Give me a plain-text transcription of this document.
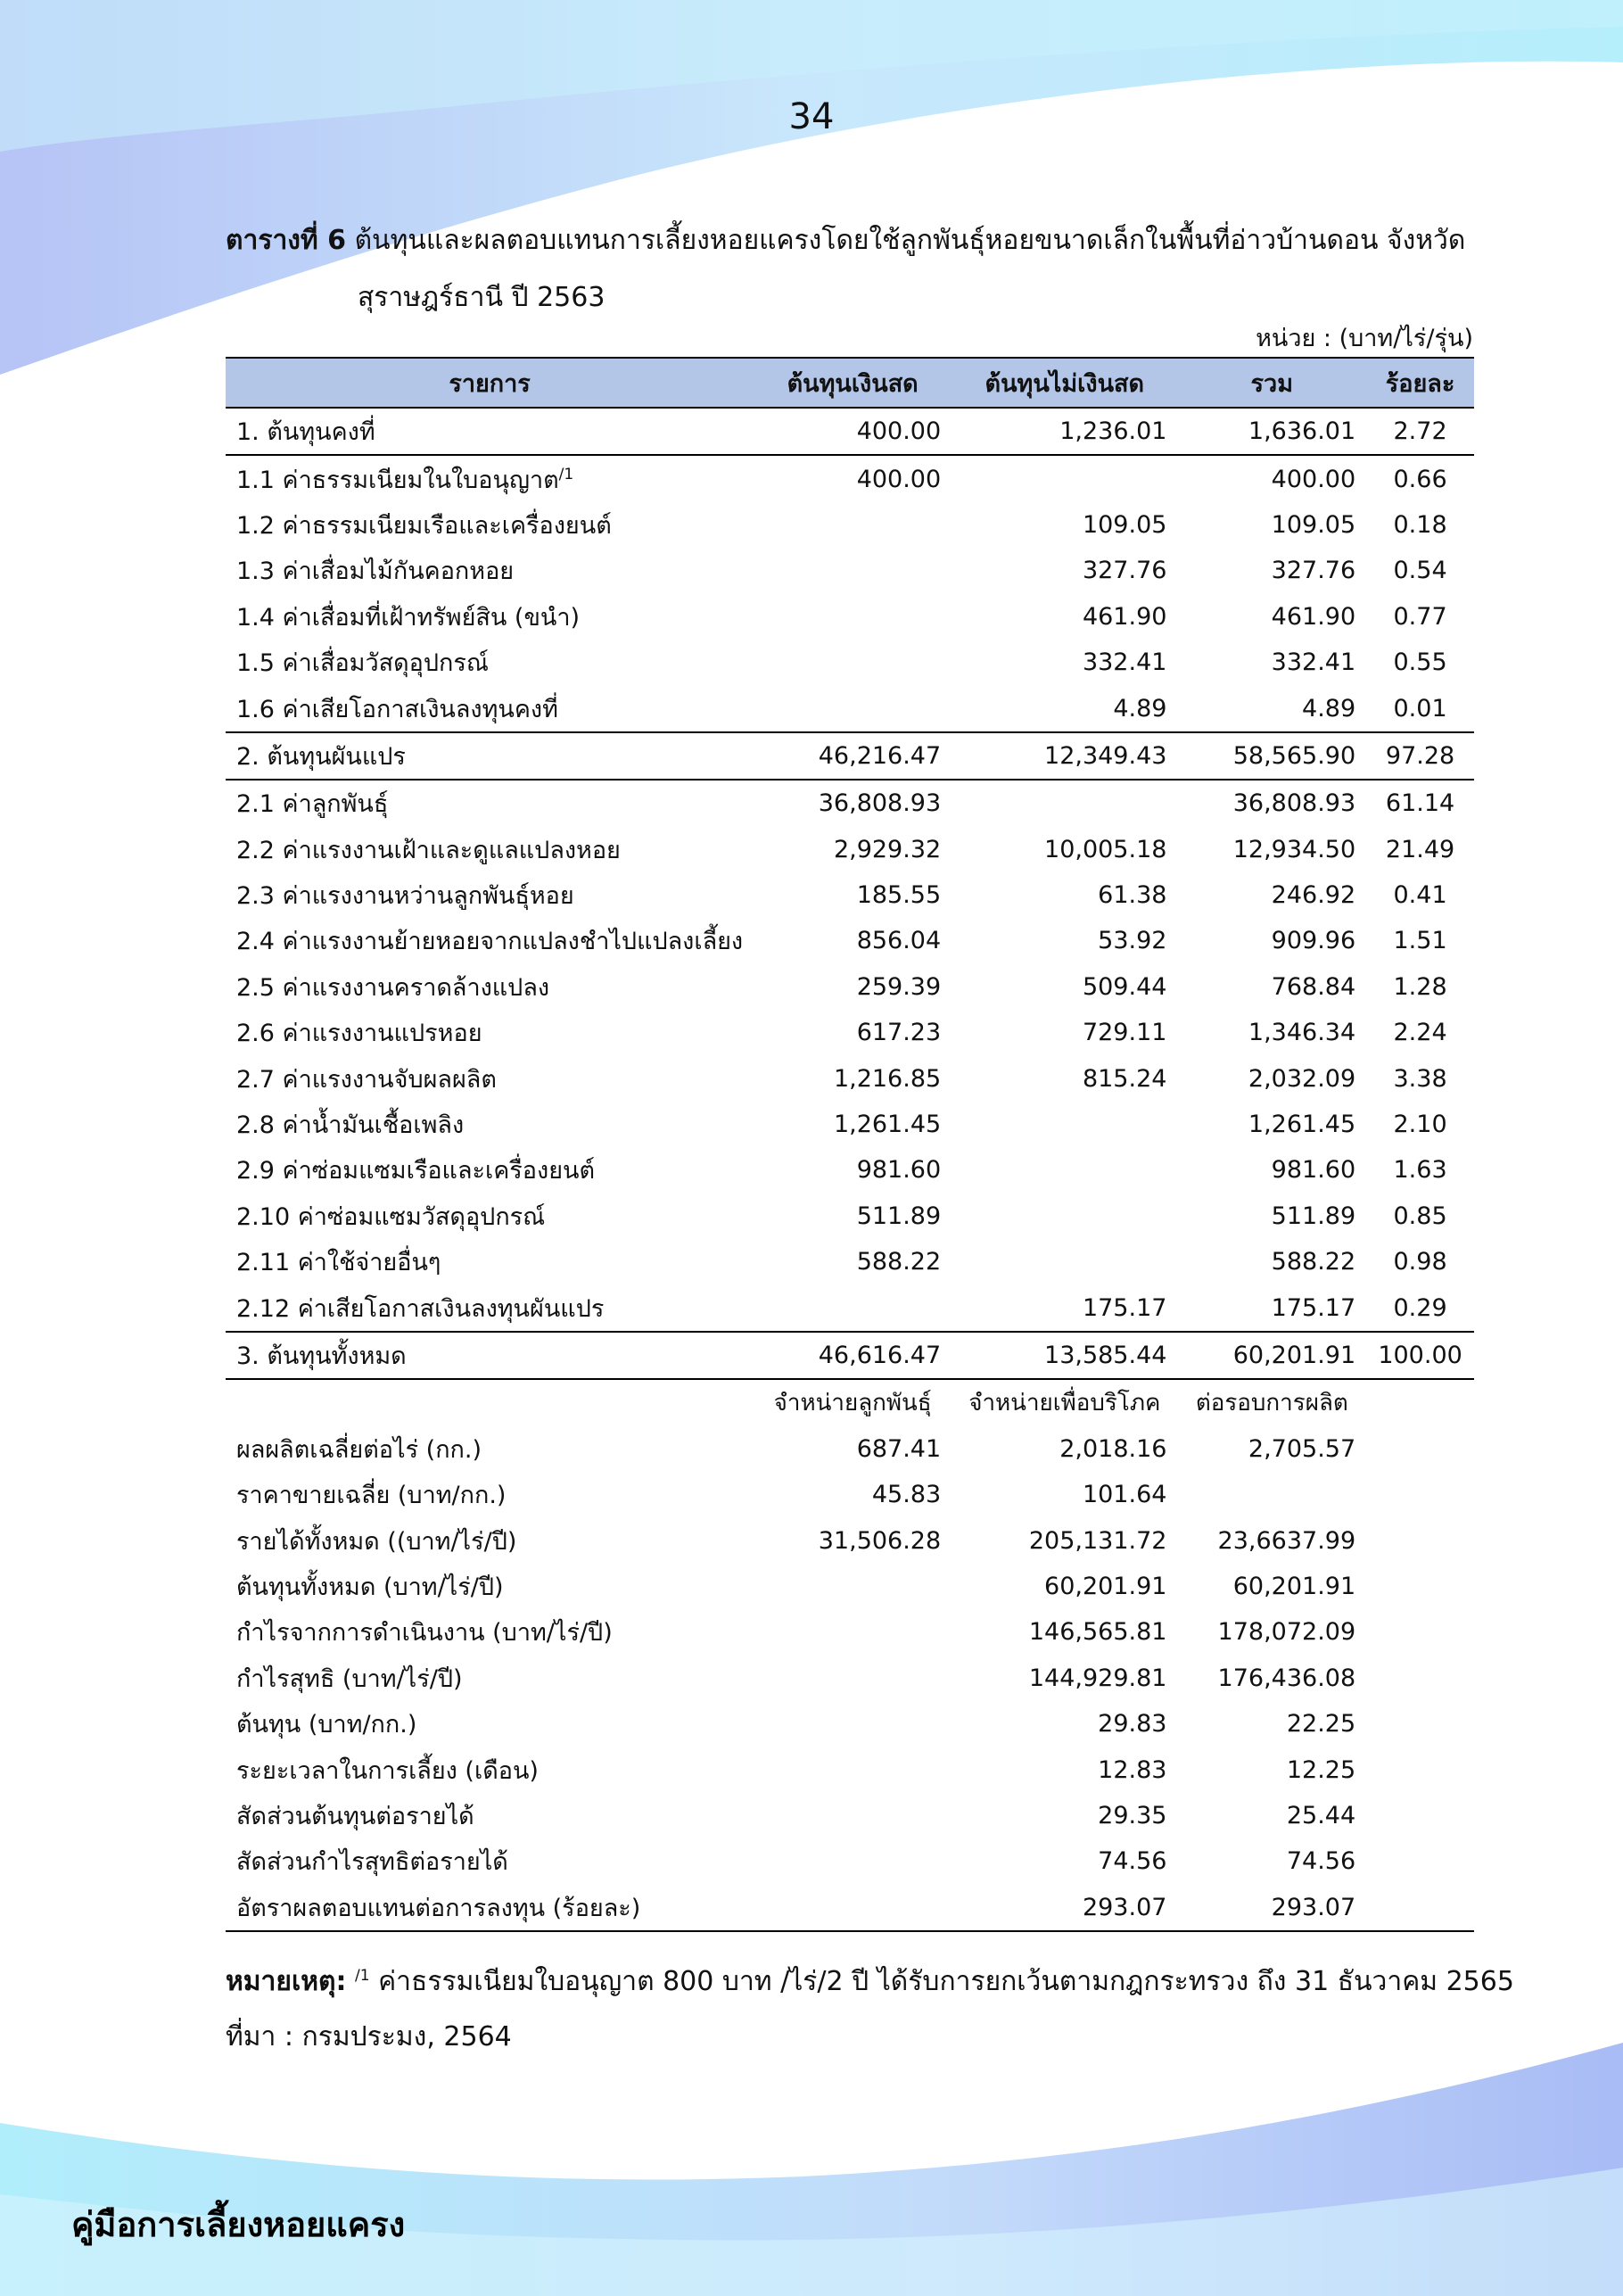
34
ตารางที่ 6 ต้นทุนและผลตอบแทนการเลี้ยงหอยแครงโดยใช้ลูกพันธุ์หอยขนาดเล็กในพื้นที่อ่าวบ้านดอน จังหวัด
สุราษฎร์ธานี ปี 2563
หน่วย : (บาท/ไร่/รุ่น)
รายการ	ต้นทุนเงินสด	ต้นทุนไม่เงินสด	รวม	ร้อยละ
1. ต้นทุนคงที่	400.00	1,236.01	1,636.01	2.72
1.1 ค่าธรรมเนียมในใบอนุญาต$^{/1}$	400.00		400.00	0.66
1.2 ค่าธรรมเนียมเรือและเครื่องยนต์		109.05	109.05	0.18
1.3 ค่าเสื่อมไม้กันคอกหอย		327.76	327.76	0.54
1.4 ค่าเสื่อมที่เฝ้าทรัพย์สิน (ขนำ)		461.90	461.90	0.77
1.5 ค่าเสื่อมวัสดุอุปกรณ์		332.41	332.41	0.55
1.6 ค่าเสียโอกาสเงินลงทุนคงที่		4.89	4.89	0.01
2. ต้นทุนผันแปร	46,216.47	12,349.43	58,565.90	97.28
2.1 ค่าลูกพันธุ์	36,808.93		36,808.93	61.14
2.2 ค่าแรงงานเฝ้าและดูแลแปลงหอย	2,929.32	10,005.18	12,934.50	21.49
2.3 ค่าแรงงานหว่านลูกพันธุ์หอย	185.55	61.38	246.92	0.41
2.4 ค่าแรงงานย้ายหอยจากแปลงชำไปแปลงเลี้ยง	856.04	53.92	909.96	1.51
2.5 ค่าแรงงานคราดล้างแปลง	259.39	509.44	768.84	1.28
2.6 ค่าแรงงานแปรหอย	617.23	729.11	1,346.34	2.24
2.7 ค่าแรงงานจับผลผลิต	1,216.85	815.24	2,032.09	3.38
2.8 ค่าน้ำมันเชื้อเพลิง	1,261.45		1,261.45	2.10
2.9 ค่าซ่อมแซมเรือและเครื่องยนต์	981.60		981.60	1.63
2.10 ค่าซ่อมแซมวัสดุอุปกรณ์	511.89		511.89	0.85
2.11 ค่าใช้จ่ายอื่นๆ	588.22		588.22	0.98
2.12 ค่าเสียโอกาสเงินลงทุนผันแปร		175.17	175.17	0.29
3. ต้นทุนทั้งหมด	46,616.47	13,585.44	60,201.91	100.00
	จำหน่ายลูกพันธุ์	จำหน่ายเพื่อบริโภค	ต่อรอบการผลิต	
ผลผลิตเฉลี่ยต่อไร่ (กก.)	687.41	2,018.16	2,705.57	
ราคาขายเฉลี่ย (บาท/กก.)	45.83	101.64		
รายได้ทั้งหมด ((บาท/ไร่/ปี)	31,506.28	205,131.72	23,6637.99	
ต้นทุนทั้งหมด (บาท/ไร่/ปี)		60,201.91	60,201.91	
กำไรจากการดำเนินงาน (บาท/ไร่/ปี)		146,565.81	178,072.09	
กำไรสุทธิ (บาท/ไร่/ปี)		144,929.81	176,436.08	
ต้นทุน (บาท/กก.)		29.83	22.25	
ระยะเวลาในการเลี้ยง (เดือน)		12.83	12.25	
สัดส่วนต้นทุนต่อรายได้		29.35	25.44	
สัดส่วนกำไรสุทธิต่อรายได้		74.56	74.56	
อัตราผลตอบแทนต่อการลงทุน (ร้อยละ)		293.07	293.07	
หมายเหตุ: $^{/1}$ ค่าธรรมเนียมใบอนุญาต 800 บาท /ไร่/2 ปี ได้รับการยกเว้นตามกฎกระทรวง ถึง 31 ธันวาคม 2565
ที่มา : กรมประมง, 2564
คู่มือการเลี้ยงหอยแครง
